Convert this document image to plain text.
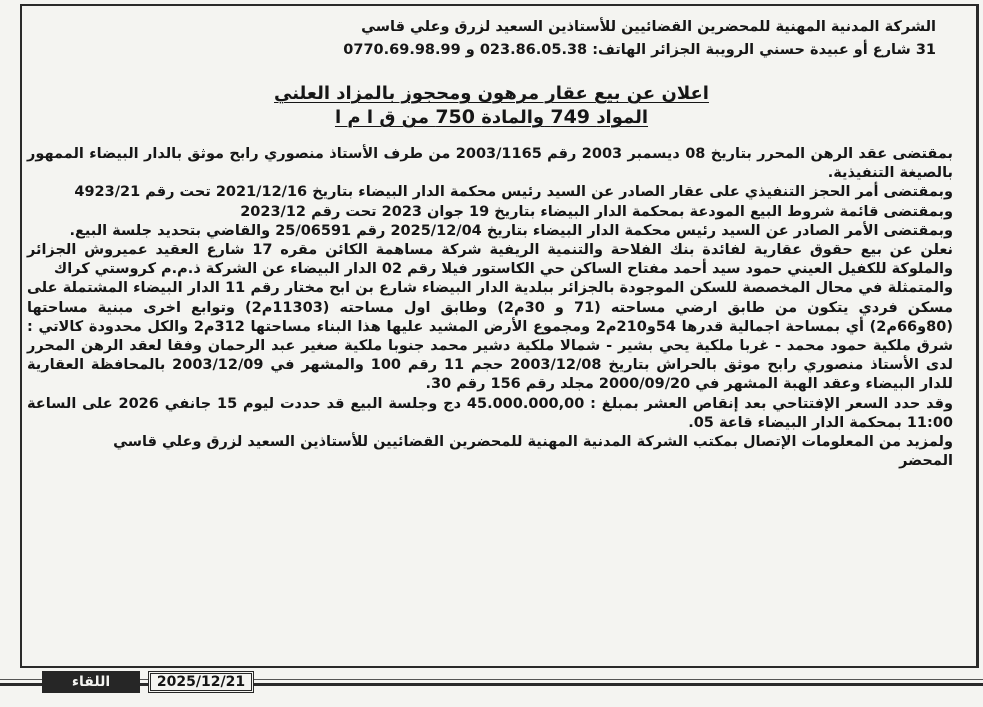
الشركة المدنية المهنية للمحضرين القضائيين للأستاذين السعيد لزرق وعلي قاسي
31 شارع أو عبيدة حسني الرويبة الجزائر الهاتف: 023.86.05.38 و 0770.69.98.99
اعلان عن بيع عقار مرهون ومحجوز بالمزاد العلني
المواد 749 والمادة 750 من ق ا م ا

بمقتضى عقد الرهن المحرر بتاريخ 08 ديسمبر 2003 رقم 2003/1165 من طرف الأستاذ منصوري رابح موثق بالدار البيضاء الممهور بالصيغة التنفيذية.

وبمقتضى أمر الحجز التنفيذي على عقار الصادر عن السيد رئيس محكمة الدار البيضاء بتاريخ 2021/12/16 تحت رقم 4923/21

وبمقتضى قائمة شروط البيع المودعة بمحكمة الدار البيضاء بتاريخ 19 جوان 2023 تحت رقم 2023/12

وبمقتضى الأمر الصادر عن السيد رئيس محكمة الدار البيضاء بتاريخ 2025/12/04 رقم 25/06591 والقاضي بتحديد جلسة البيع.

نعلن عن بيع حقوق عقارية لفائدة بنك الفلاحة والتنمية الريفية شركة مساهمة الكائن مقره 17 شارع العقيد عميروش الجزائر والملوكة للكفيل العيني حمود سيد أحمد مفتاح الساكن حي الكاستور فيلا رقم 02 الدار البيضاء عن الشركة ذ.م.م كروستي كراك

والمتمثلة في محال المخصصة للسكن الموجودة بالجزائر ببلدية الدار البيضاء شارع بن ابح مختار رقم 11 الدار البيضاء المشتملة على مسكن فردي يتكون من طابق ارضي مساحته (71 و 30م2) وطابق اول مساحته (11303م2) وتوابع اخرى مبنية مساحتها (80و66م2) أي بمساحة اجمالية قدرها 54و210م2 ومجموع الأرض المشيد عليها هذا البناء مساحتها 312م2 والكل محدودة كالاتي : شرق ملكية حمود محمد - غربا ملكية يحي بشير - شمالا ملكية دشير محمد جنوبا ملكية صغير عبد الرحمان وفقا لعقد الرهن المحرر لدى الأستاذ منصوري رابح موثق بالحراش بتاريخ 2003/12/08 حجم 11 رقم 100 والمشهر في 2003/12/09 بالمحافظة العقارية للدار البيضاء وعقد الهبة المشهر في 2000/09/20 مجلد رقم 156 رقم 30.

وقد حدد السعر الإفتتاحي بعد إنقاص العشر بمبلغ : 45.000.000,00 دج وجلسة البيع قد حددت ليوم 15 جانفي 2026 على الساعة 11:00 بمحكمة الدار البيضاء قاعة 05.

ولمزيد من المعلومات الإتصال بمكتب الشركة المدنية المهنية للمحضرين القضائيين للأستاذين السعيد لزرق وعلي قاسي

المحضر

اللقاء	2025/12/21
